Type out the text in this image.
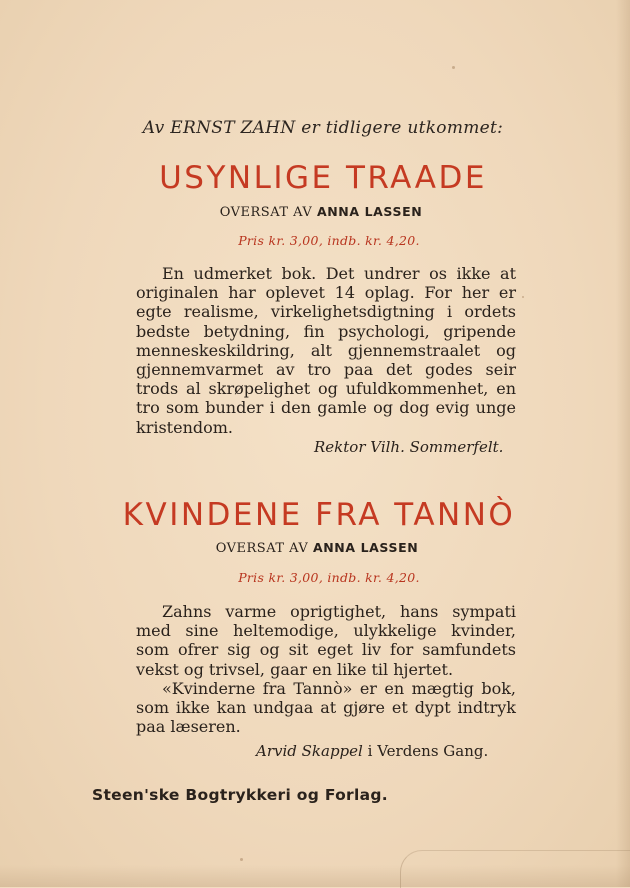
Av ERNST ZAHN er tidligere utkommet:
USYNLIGE TRAADE
OVERSAT AV ANNA LASSEN
Pris kr. 3,00, indb. kr. 4,20.
En udmerket bok. Det undrer os ikke at originalen har oplevet 14 oplag. For her er egte realisme, virkelighetsdigtning i ordets bedste betydning, fin psychologi, gripende menneskeskildring, alt gjennemstraalet og gjennemvarmet av tro paa det godes seir trods al skrøpelighet og ufuldkommenhet, en tro som bunder i den gamle og dog evig unge kristendom.
Rektor Vilh. Sommerfelt.
KVINDENE FRA TANNÒ
OVERSAT AV ANNA LASSEN
Pris kr. 3,00, indb. kr. 4,20.
Zahns varme oprigtighet, hans sympati med sine heltemodige, ulykkelige kvinder, som ofrer sig og sit eget liv for samfundets vekst og trivsel, gaar en like til hjertet.
«Kvinderne fra Tannò» er en mægtig bok, som ikke kan undgaa at gjøre et dypt indtryk paa læseren.
Arvid Skappel i Verdens Gang.
Steen'ske Bogtrykkeri og Forlag.
